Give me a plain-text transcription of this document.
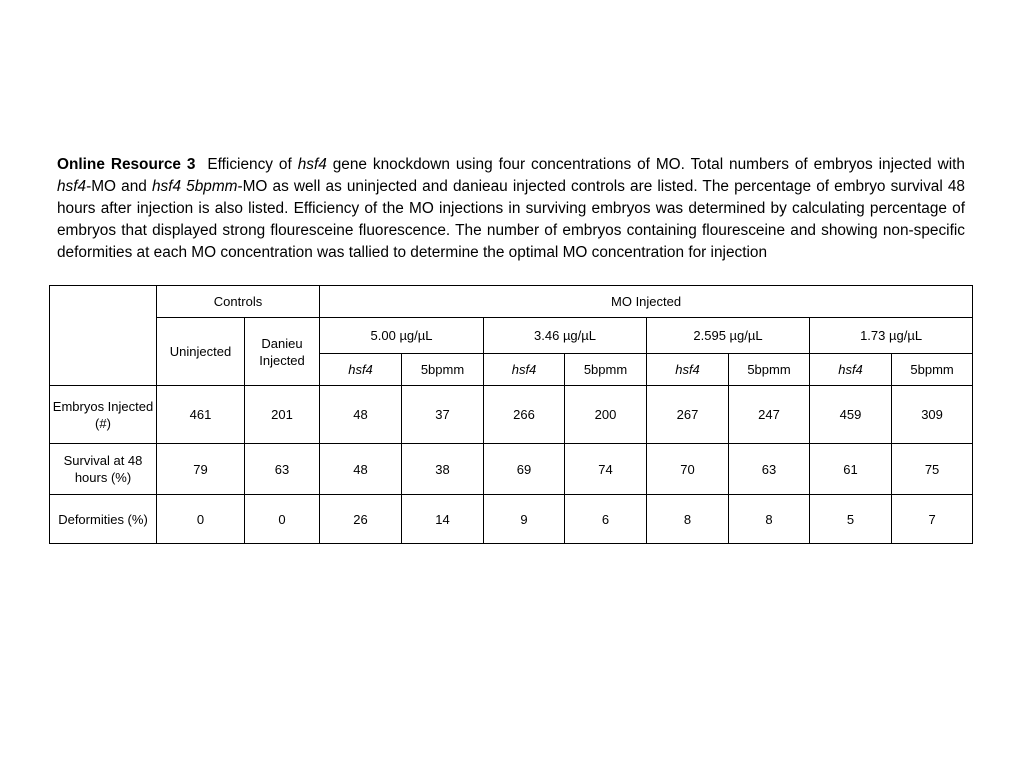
Online Resource 3 Efficiency of hsf4 gene knockdown using four concentrations of MO. Total numbers of embryos injected with hsf4-MO and hsf4 5bpmm-MO as well as uninjected and danieau injected controls are listed. The percentage of embryo survival 48 hours after injection is also listed. Efficiency of the MO injections in surviving embryos was determined by calculating percentage of embryos that displayed strong flouresceine fluorescence. The number of embryos containing flouresceine and showing non-specific deformities at each MO concentration was tallied to determine the optimal MO concentration for injection

	Controls		MO Injected							
	Uninjected	Danieu Injected	5.00 µg/µL		3.46 µg/µL		2.595 µg/µL		1.73 µg/µL	
			hsf4	5bpmm	hsf4	5bpmm	hsf4	5bpmm	hsf4	5bpmm
Embryos Injected (#)	461	201	48	37	266	200	267	247	459	309
Survival at 48 hours (%)	79	63	48	38	69	74	70	63	61	75
Deformities (%)	0	0	26	14	9	6	8	8	5	7
